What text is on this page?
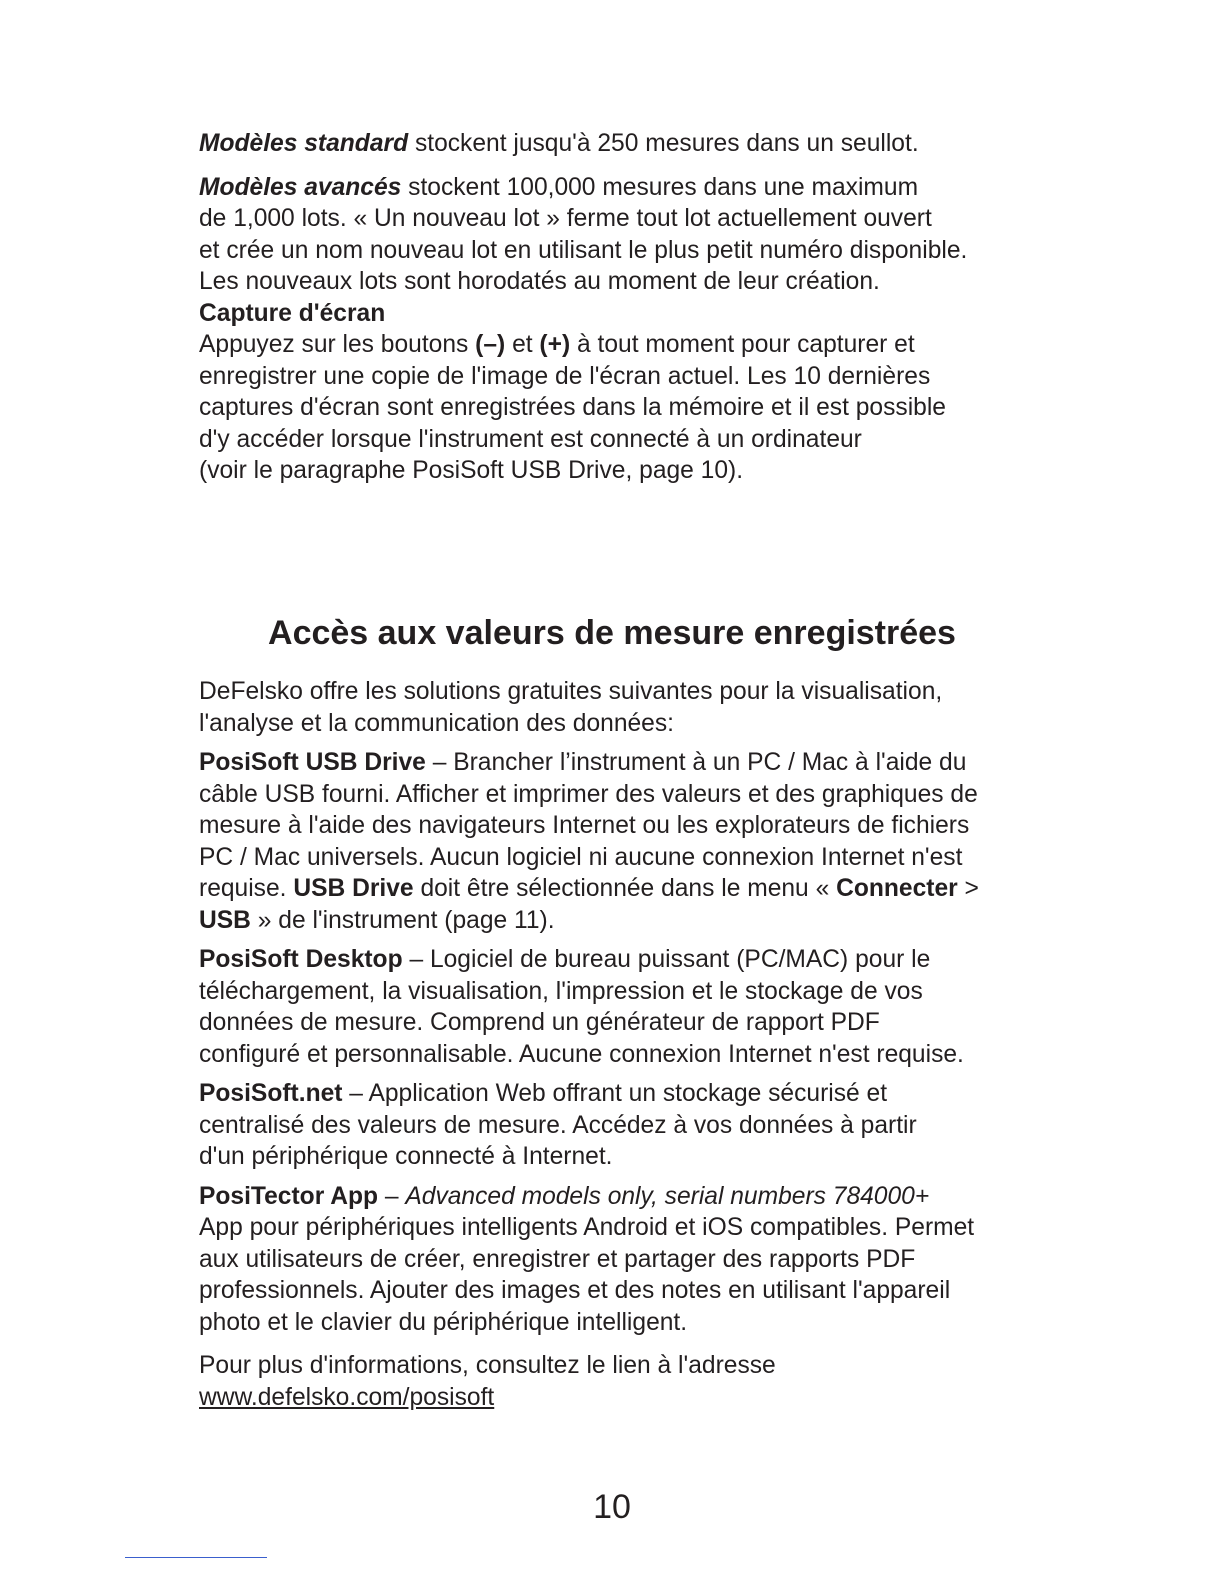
Modèles standard stockent jusqu'à 250 mesures dans un seullot.

Modèles avancés stockent 100,000 mesures dans une maximum
de 1,000 lots. « Un nouveau lot » ferme tout lot actuellement ouvert
et crée un nom nouveau lot en utilisant le plus petit numéro disponible.
Les nouveaux lots sont horodatés au moment de leur création.

Capture d'écran

Appuyez sur les boutons (–) et (+) à tout moment pour capturer et
enregistrer une copie de l'image de l'écran actuel. Les 10 dernières
captures d'écran sont enregistrées dans la mémoire et il est possible
d'y accéder lorsque l'instrument est connecté à un ordinateur
(voir le paragraphe PosiSoft USB Drive, page 10).

Accès aux valeurs de mesure enregistrées

DeFelsko offre les solutions gratuites suivantes pour la visualisation,
l'analyse et la communication des données:

PosiSoft USB Drive – Brancher l’instrument à un PC / Mac à l'aide du
câble USB fourni. Afficher et imprimer des valeurs et des graphiques de
mesure à l'aide des navigateurs Internet ou les explorateurs de fichiers
PC / Mac universels. Aucun logiciel ni aucune connexion Internet n'est
requise. USB Drive doit être sélectionnée dans le menu « Connecter >
USB » de l'instrument (page 11).

PosiSoft Desktop – Logiciel de bureau puissant (PC/MAC) pour le
téléchargement, la visualisation, l'impression et le stockage de vos
données de mesure. Comprend un générateur de rapport PDF
configuré et personnalisable. Aucune connexion Internet n'est requise.

PosiSoft.net – Application Web offrant un stockage sécurisé et
centralisé des valeurs de mesure. Accédez à vos données à partir
d'un périphérique connecté à Internet.

PosiTector App – Advanced models only, serial numbers 784000+
App pour périphériques intelligents Android et iOS compatibles. Permet
aux utilisateurs de créer, enregistrer et partager des rapports PDF
professionnels. Ajouter des images et des notes en utilisant l'appareil
photo et le clavier du périphérique intelligent.

Pour plus d'informations, consultez le lien à l'adresse
www.defelsko.com/posisoft

10
